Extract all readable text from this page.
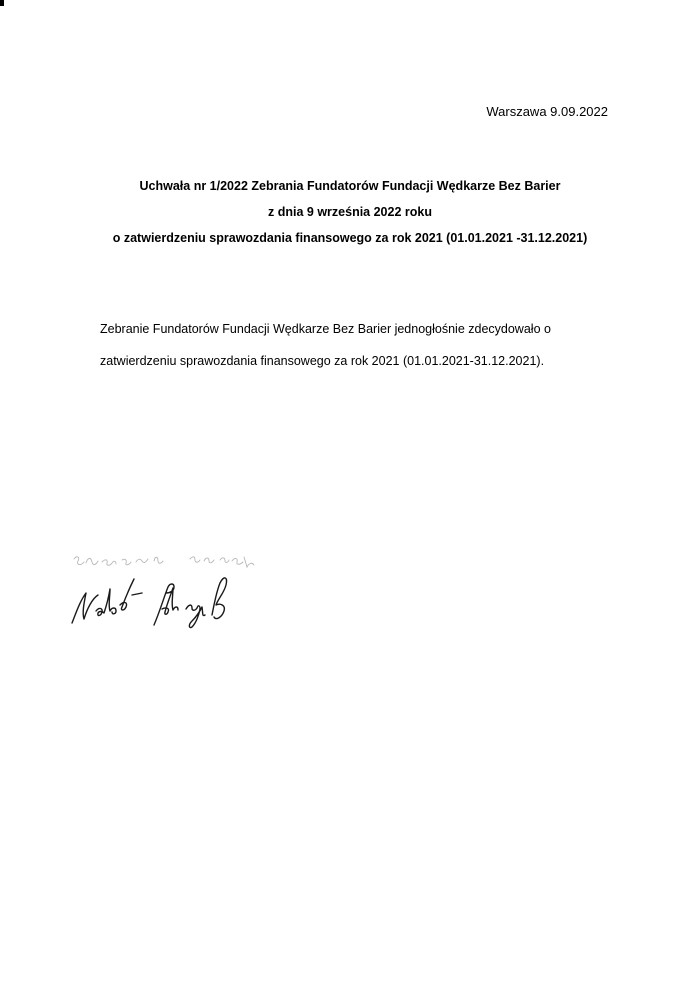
Warszawa 9.09.2022
Uchwała nr 1/2022 Zebrania Fundatorów Fundacji Wędkarze Bez Barier
z dnia 9 września 2022 roku
o zatwierdzeniu sprawozdania finansowego za rok 2021 (01.01.2021 -31.12.2021)
Zebranie Fundatorów Fundacji Wędkarze Bez Barier jednogłośnie zdecydowało o
zatwierdzeniu sprawozdania finansowego za rok 2021 (01.01.2021-31.12.2021).
